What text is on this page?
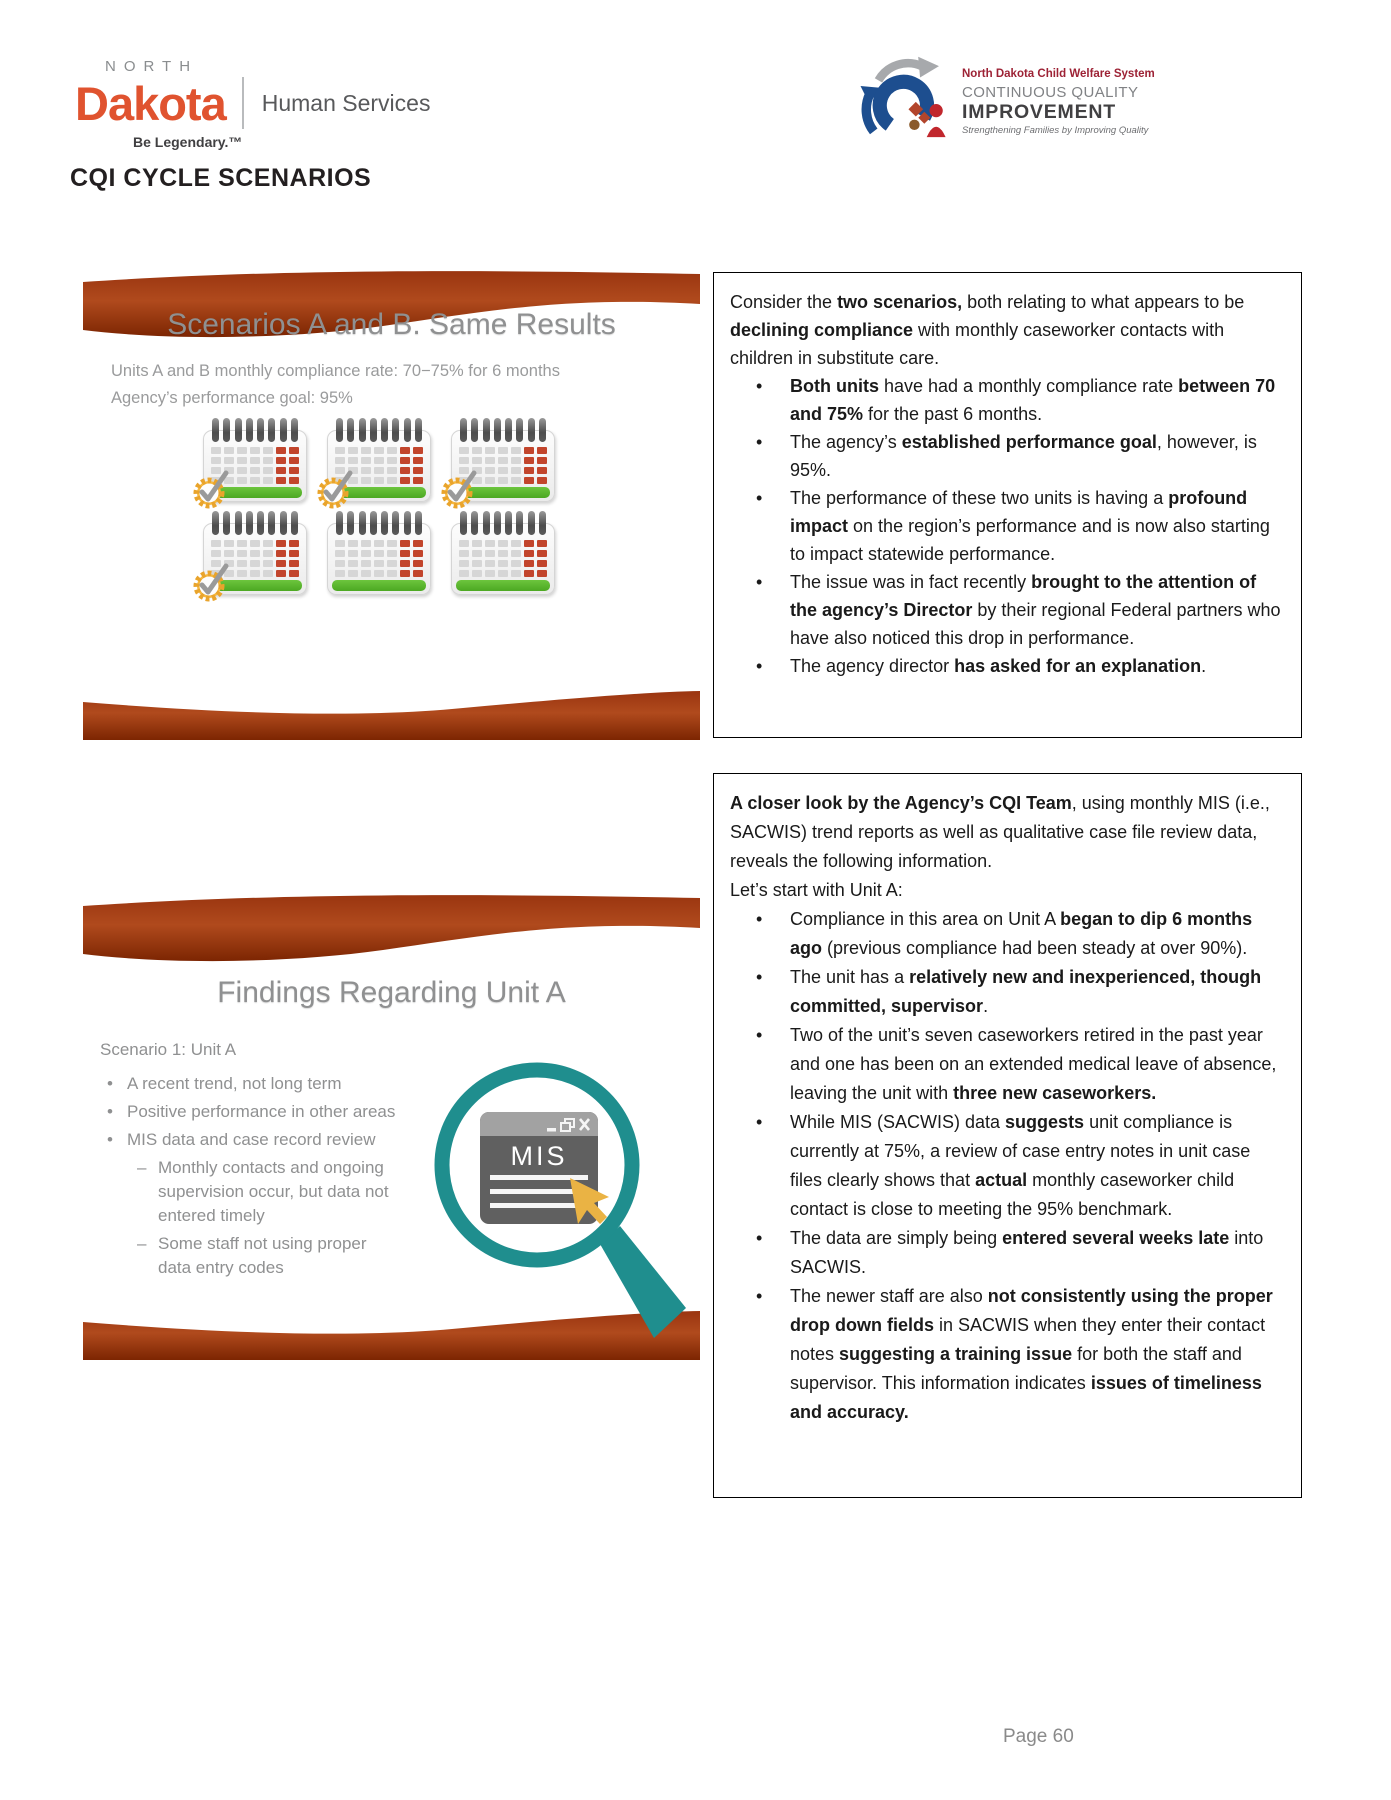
NORTH
Dakota Human Services
Be Legendary.™
North Dakota Child Welfare System
CONTINUOUS QUALITY
IMPROVEMENT
Strengthening Families by Improving Quality
CQI CYCLE SCENARIOS
Scenarios A and B. Same Results
Units A and B monthly compliance rate: 70−75% for 6 months
Agency’s performance goal: 95%
Consider the two scenarios, both relating to what appears to be declining compliance with monthly caseworker contacts with children in substitute care.
• Both units have had a monthly compliance rate between 70 and 75% for the past 6 months.
• The agency’s established performance goal, however, is 95%.
• The performance of these two units is having a profound impact on the region’s performance and is now also starting to impact statewide performance.
• The issue was in fact recently brought to the attention of the agency’s Director by their regional Federal partners who have also noticed this drop in performance.
• The agency director has asked for an explanation.
Findings Regarding Unit A
Scenario 1: Unit A
• A recent trend, not long term
• Positive performance in other areas
• MIS data and case record review
– Monthly contacts and ongoing supervision occur, but data not entered timely
– Some staff not using proper data entry codes
MIS
A closer look by the Agency’s CQI Team, using monthly MIS (i.e., SACWIS) trend reports as well as qualitative case file review data, reveals the following information.
Let’s start with Unit A:
• Compliance in this area on Unit A began to dip 6 months ago (previous compliance had been steady at over 90%).
• The unit has a relatively new and inexperienced, though committed, supervisor.
• Two of the unit’s seven caseworkers retired in the past year and one has been on an extended medical leave of absence, leaving the unit with three new caseworkers.
• While MIS (SACWIS) data suggests unit compliance is currently at 75%, a review of case entry notes in unit case files clearly shows that actual monthly caseworker child contact is close to meeting the 95% benchmark.
• The data are simply being entered several weeks late into SACWIS.
• The newer staff are also not consistently using the proper drop down fields in SACWIS when they enter their contact notes suggesting a training issue for both the staff and supervisor. This information indicates issues of timeliness and accuracy.
Page 60
